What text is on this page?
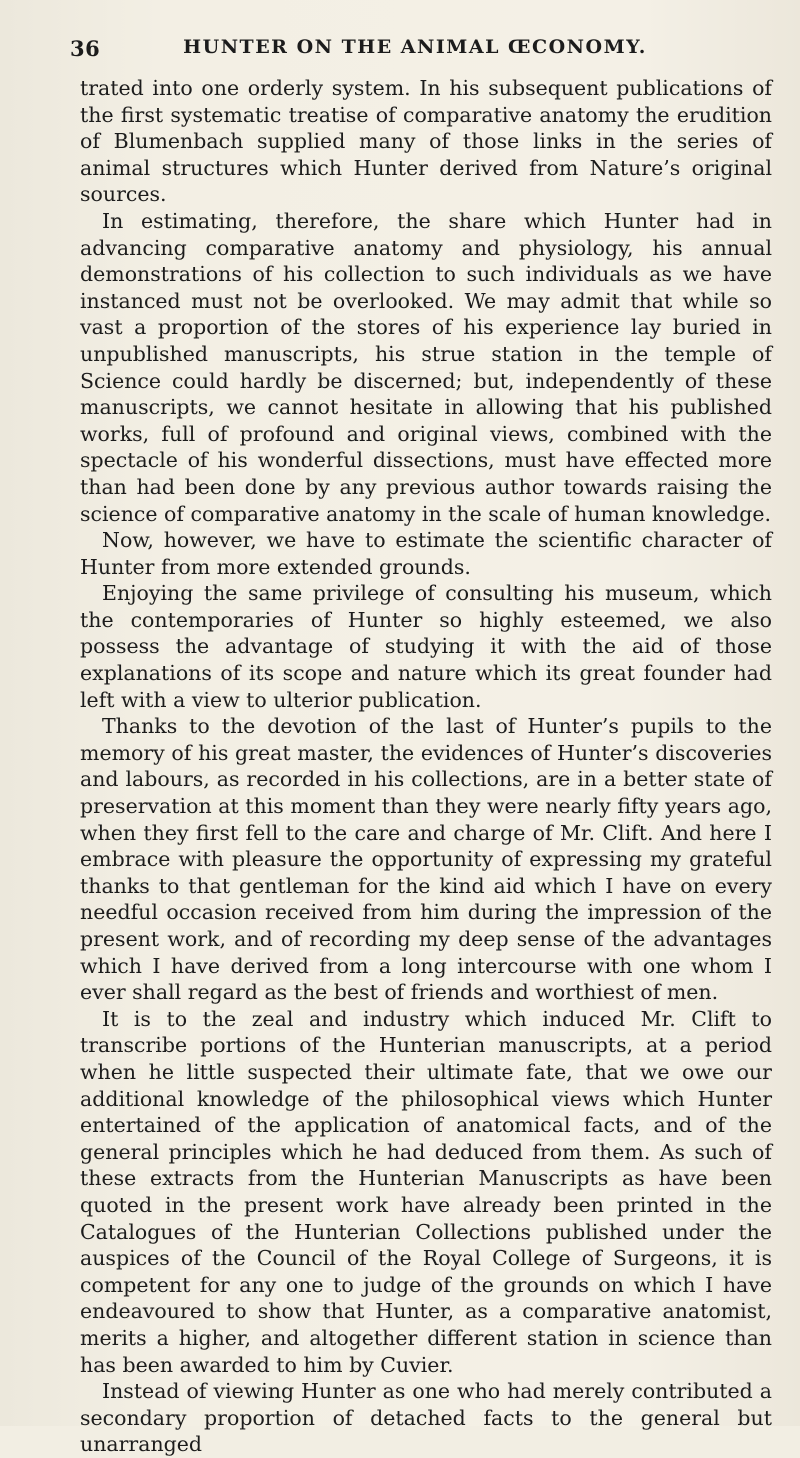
36	HUNTER ON THE ANIMAL ŒCONOMY.

trated into one orderly system. In his subsequent publications of the first systematic treatise of comparative anatomy the erudition of Blumenbach supplied many of those links in the series of animal structures which Hunter derived from Nature’s original sources.

In estimating, therefore, the share which Hunter had in advancing comparative anatomy and physiology, his annual demonstrations of his collection to such individuals as we have instanced must not be overlooked. We may admit that while so vast a proportion of the stores of his experience lay buried in unpublished manuscripts, his strue station in the temple of Science could hardly be discerned; but, independently of these manuscripts, we cannot hesitate in allowing that his published works, full of profound and original views, combined with the spectacle of his wonderful dissections, must have effected more than had been done by any previous author towards raising the science of comparative anatomy in the scale of human knowledge.

Now, however, we have to estimate the scientific character of Hunter from more extended grounds.

Enjoying the same privilege of consulting his museum, which the contemporaries of Hunter so highly esteemed, we also possess the advantage of studying it with the aid of those explanations of its scope and nature which its great founder had left with a view to ulterior publication.

Thanks to the devotion of the last of Hunter’s pupils to the memory of his great master, the evidences of Hunter’s discoveries and labours, as recorded in his collections, are in a better state of preservation at this moment than they were nearly fifty years ago, when they first fell to the care and charge of Mr. Clift. And here I embrace with pleasure the opportunity of expressing my grateful thanks to that gentleman for the kind aid which I have on every needful occasion received from him during the impression of the present work, and of recording my deep sense of the advantages which I have derived from a long intercourse with one whom I ever shall regard as the best of friends and worthiest of men.

It is to the zeal and industry which induced Mr. Clift to transcribe portions of the Hunterian manuscripts, at a period when he little suspected their ultimate fate, that we owe our additional knowledge of the philosophical views which Hunter entertained of the application of anatomical facts, and of the general principles which he had deduced from them. As such of these extracts from the Hunterian Manuscripts as have been quoted in the present work have already been printed in the Catalogues of the Hunterian Collections published under the auspices of the Council of the Royal College of Surgeons, it is competent for any one to judge of the grounds on which I have endeavoured to show that Hunter, as a comparative anatomist, merits a higher, and altogether different station in science than has been awarded to him by Cuvier.

Instead of viewing Hunter as one who had merely contributed a secondary proportion of detached facts to the general but unarranged
